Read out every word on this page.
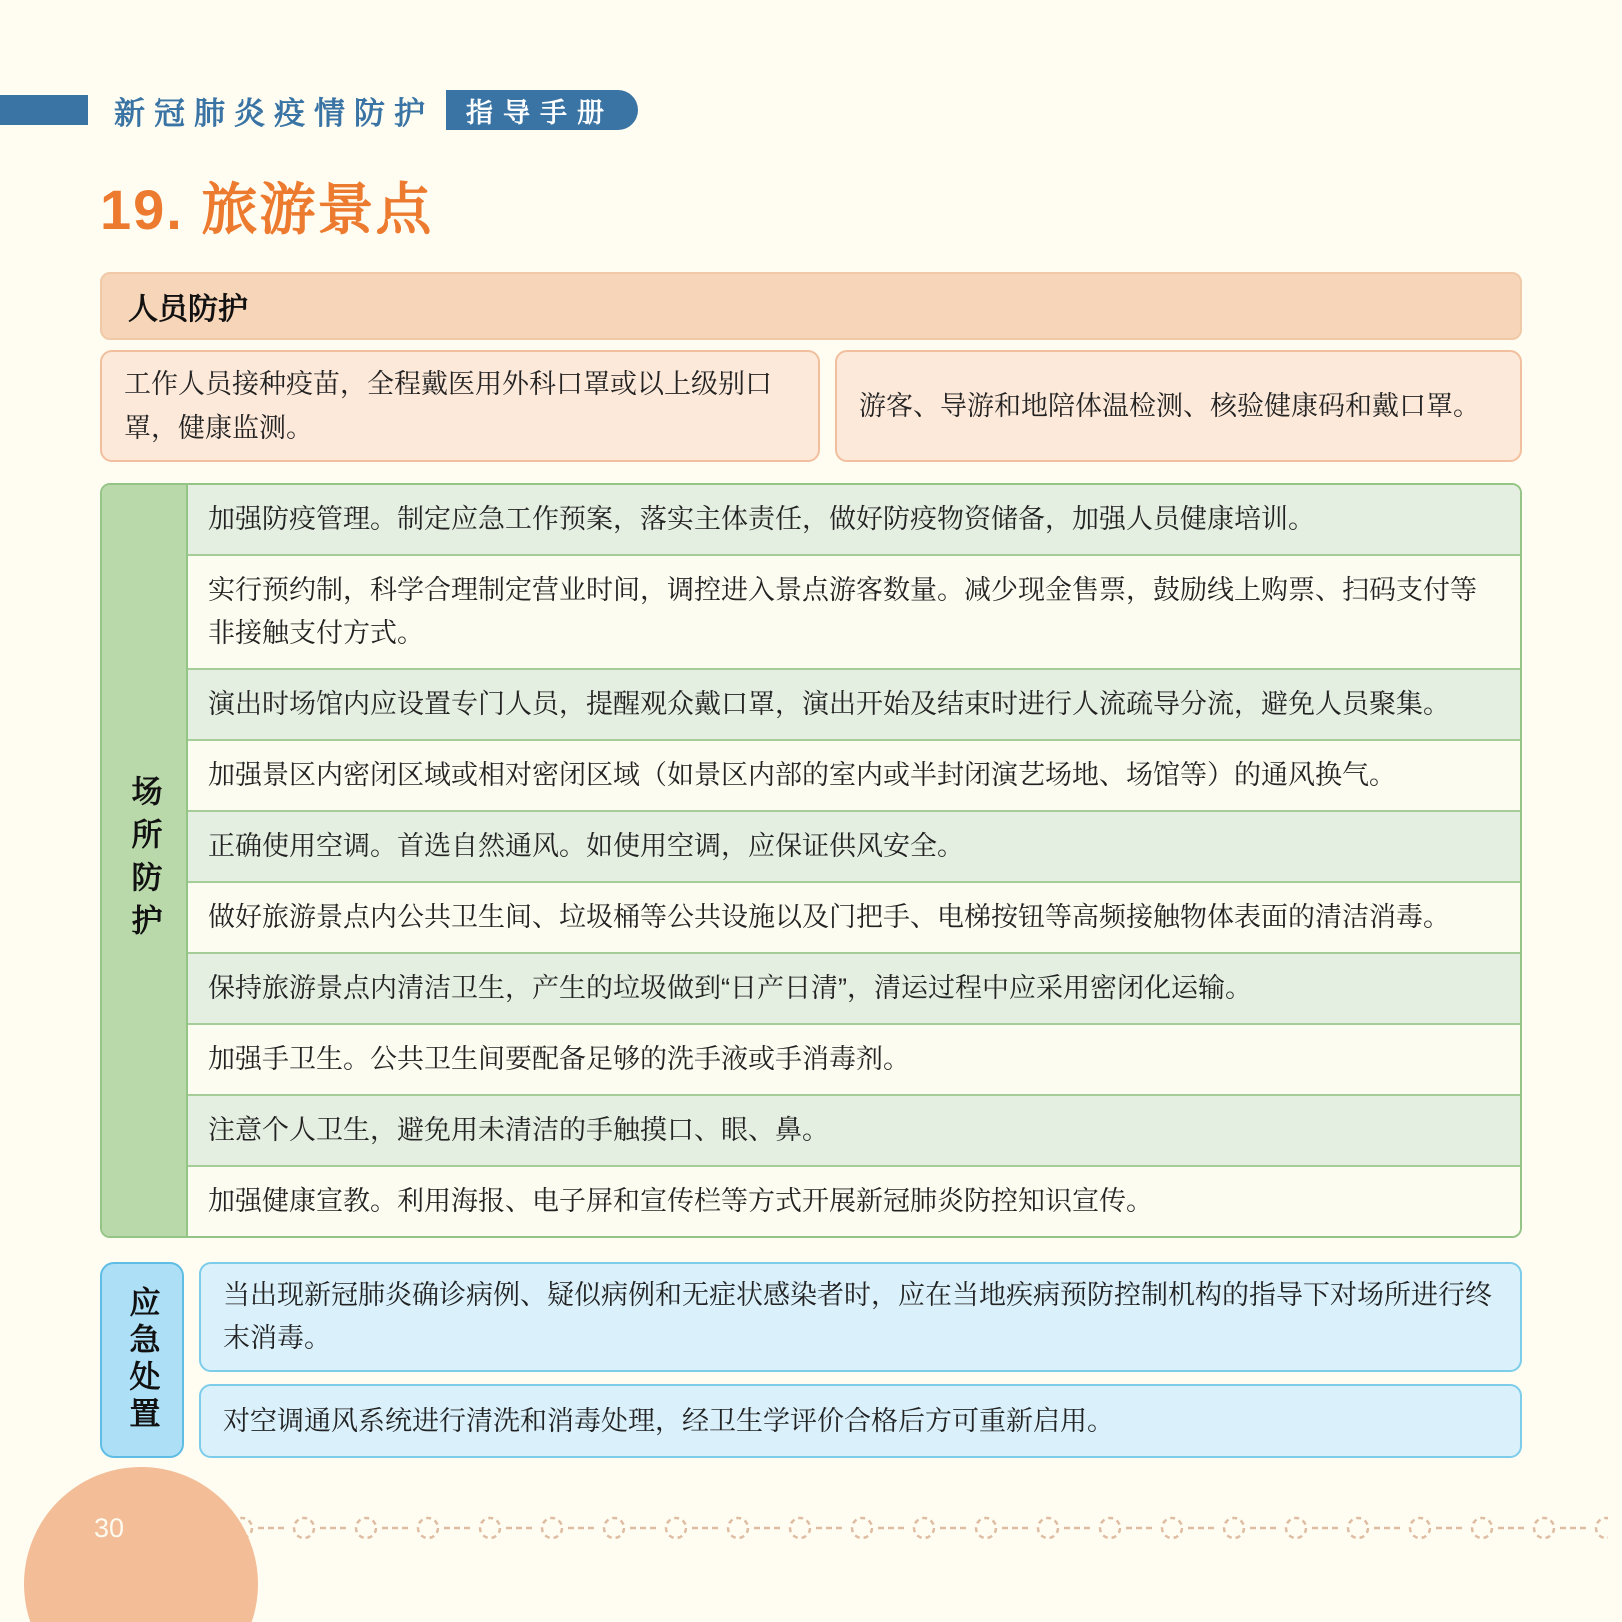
新冠肺炎疫情防护	指导手册
19. 旅游景点
人员防护
工作人员接种疫苗，全程戴医用外科口罩或以上级别口罩，健康监测。
游客、导游和地陪体温检测、核验健康码和戴口罩。
场所防护
加强防疫管理。制定应急工作预案，落实主体责任，做好防疫物资储备，加强人员健康培训。
实行预约制，科学合理制定营业时间，调控进入景点游客数量。减少现金售票，鼓励线上购票、扫码支付等非接触支付方式。
演出时场馆内应设置专门人员，提醒观众戴口罩，演出开始及结束时进行人流疏导分流，避免人员聚集。
加强景区内密闭区域或相对密闭区域（如景区内部的室内或半封闭演艺场地、场馆等）的通风换气。
正确使用空调。首选自然通风。如使用空调，应保证供风安全。
做好旅游景点内公共卫生间、垃圾桶等公共设施以及门把手、电梯按钮等高频接触物体表面的清洁消毒。
保持旅游景点内清洁卫生，产生的垃圾做到“日产日清”，清运过程中应采用密闭化运输。
加强手卫生。公共卫生间要配备足够的洗手液或手消毒剂。
注意个人卫生，避免用未清洁的手触摸口、眼、鼻。
加强健康宣教。利用海报、电子屏和宣传栏等方式开展新冠肺炎防控知识宣传。
应急处置	当出现新冠肺炎确诊病例、疑似病例和无症状感染者时，应在当地疾病预防控制机构的指导下对场所进行终末消毒。
对空调通风系统进行清洗和消毒处理，经卫生学评价合格后方可重新启用。
30
